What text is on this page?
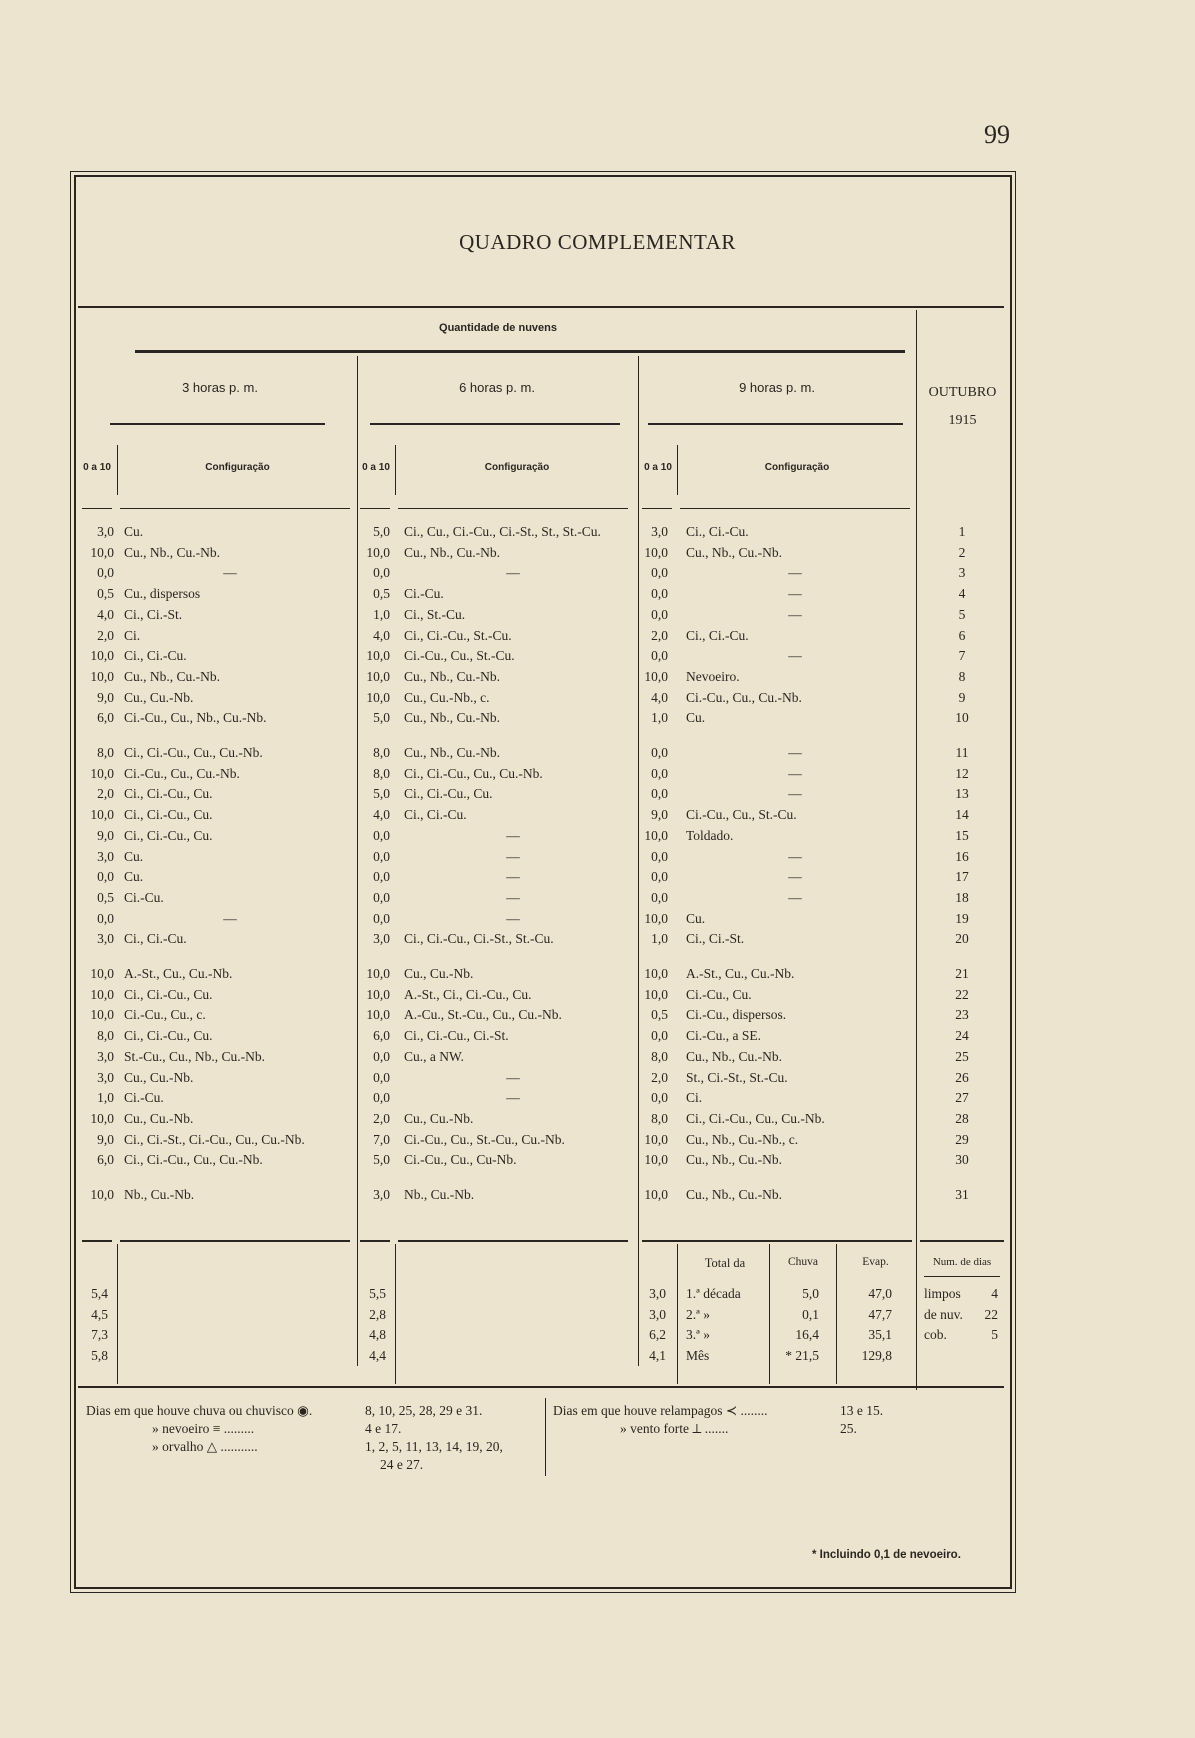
99
QUADRO COMPLEMENTAR
Quantidade de nuvens
3 horas p. m.	6 horas p. m.	9 horas p. m.	OUTUBRO
1915
0 a 10	Configuração	0 a 10	Configuração	0 a 10	Configuração
3,0 Cu.	5,0 Ci., Cu., Ci.-Cu., Ci.-St., St., St.-Cu.	3,0 Ci., Ci.-Cu.	1
10,0 Cu., Nb., Cu.-Nb.	10,0 Cu., Nb., Cu.-Nb.	10,0 Cu., Nb., Cu.-Nb.	2
0,0	—	0,0	—	0,0	—	3
0,5 Cu., dispersos	0,5 Ci.-Cu.	0,0	—	4
4,0 Ci., Ci.-St.	1,0 Ci., St.-Cu.	0,0	—	5
2,0 Ci.	4,0 Ci., Ci.-Cu., St.-Cu.	2,0 Ci., Ci.-Cu.	6
10,0 Ci., Ci.-Cu.	10,0 Ci.-Cu., Cu., St.-Cu.	0,0	—	7
10,0 Cu., Nb., Cu.-Nb.	10,0 Cu., Nb., Cu.-Nb.	10,0 Nevoeiro.	8
9,0 Cu., Cu.-Nb.	10,0 Cu., Cu.-Nb., c.	4,0 Ci.-Cu., Cu., Cu.-Nb.	9
6,0 Ci.-Cu., Cu., Nb., Cu.-Nb.	5,0 Cu., Nb., Cu.-Nb.	1,0 Cu.	10
8,0 Ci., Ci.-Cu., Cu., Cu.-Nb.	8,0 Cu., Nb., Cu.-Nb.	0,0	—	11
10,0 Ci.-Cu., Cu., Cu.-Nb.	8,0 Ci., Ci.-Cu., Cu., Cu.-Nb.	0,0	—	12
2,0 Ci., Ci.-Cu., Cu.	5,0 Ci., Ci.-Cu., Cu.	0,0	—	13
10,0 Ci., Ci.-Cu., Cu.	4,0 Ci., Ci.-Cu.	9,0 Ci.-Cu., Cu., St.-Cu.	14
9,0 Ci., Ci.-Cu., Cu.	0,0	—	10,0 Toldado.	15
3,0 Cu.	0,0	—	0,0	—	16
0,0 Cu.	0,0	—	0,0	—	17
0,5 Ci.-Cu.	0,0	—	0,0	—	18
0,0	—	0,0	—	10,0 Cu.	19
3,0 Ci., Ci.-Cu.	3,0 Ci., Ci.-Cu., Ci.-St., St.-Cu.	1,0 Ci., Ci.-St.	20
10,0 A.-St., Cu., Cu.-Nb.	10,0 Cu., Cu.-Nb.	10,0 A.-St., Cu., Cu.-Nb.	21
10,0 Ci., Ci.-Cu., Cu.	10,0 A.-St., Ci., Ci.-Cu., Cu.	10,0 Ci.-Cu., Cu.	22
10,0 Ci.-Cu., Cu., c.	10,0 A.-Cu., St.-Cu., Cu., Cu.-Nb.	0,5 Ci.-Cu., dispersos.	23
8,0 Ci., Ci.-Cu., Cu.	6,0 Ci., Ci.-Cu., Ci.-St.	0,0 Ci.-Cu., a SE.	24
3,0 St.-Cu., Cu., Nb., Cu.-Nb.	0,0 Cu., a NW.	8,0 Cu., Nb., Cu.-Nb.	25
3,0 Cu., Cu.-Nb.	0,0	—	2,0 St., Ci.-St., St.-Cu.	26
1,0 Ci.-Cu.	0,0	—	0,0 Ci.	27
10,0 Cu., Cu.-Nb.	2,0 Cu., Cu.-Nb.	8,0 Ci., Ci.-Cu., Cu., Cu.-Nb.	28
9,0 Ci., Ci.-St., Ci.-Cu., Cu., Cu.-Nb.	7,0 Ci.-Cu., Cu., St.-Cu., Cu.-Nb.	10,0 Cu., Nb., Cu.-Nb., c.	29
6,0 Ci., Ci.-Cu., Cu., Cu.-Nb.	5,0 Ci.-Cu., Cu., Cu-Nb.	10,0 Cu., Nb., Cu.-Nb.	30
10,0 Nb., Cu.-Nb.	3,0 Nb., Cu.-Nb.	10,0 Cu., Nb., Cu.-Nb.	31
Total da	Chuva	Evap.	Num. de dias
5,4	5,5	3,0 1.ª década	5,0	47,0 limpos	4
4,5	2,8	3,0 2.ª »	0,1	47,7 de nuv.	22
7,3	4,8	6,2 3.ª »	16,4	35,1 cob.	5
5,8	4,4	4,1 Mês	* 21,5	129,8
Dias em que houve chuva ou chuvisco ◉.	8, 10, 25, 28, 29 e 31.
» nevoeiro ≡ .........	4 e 17.
» orvalho △ ...........	1, 2, 5, 11, 13, 14, 19, 20,
24 e 27.
Dias em que houve relampagos ≺ ........	13 e 15.
» vento forte ⟂ .......	25.
* Incluindo 0,1 de nevoeiro.
